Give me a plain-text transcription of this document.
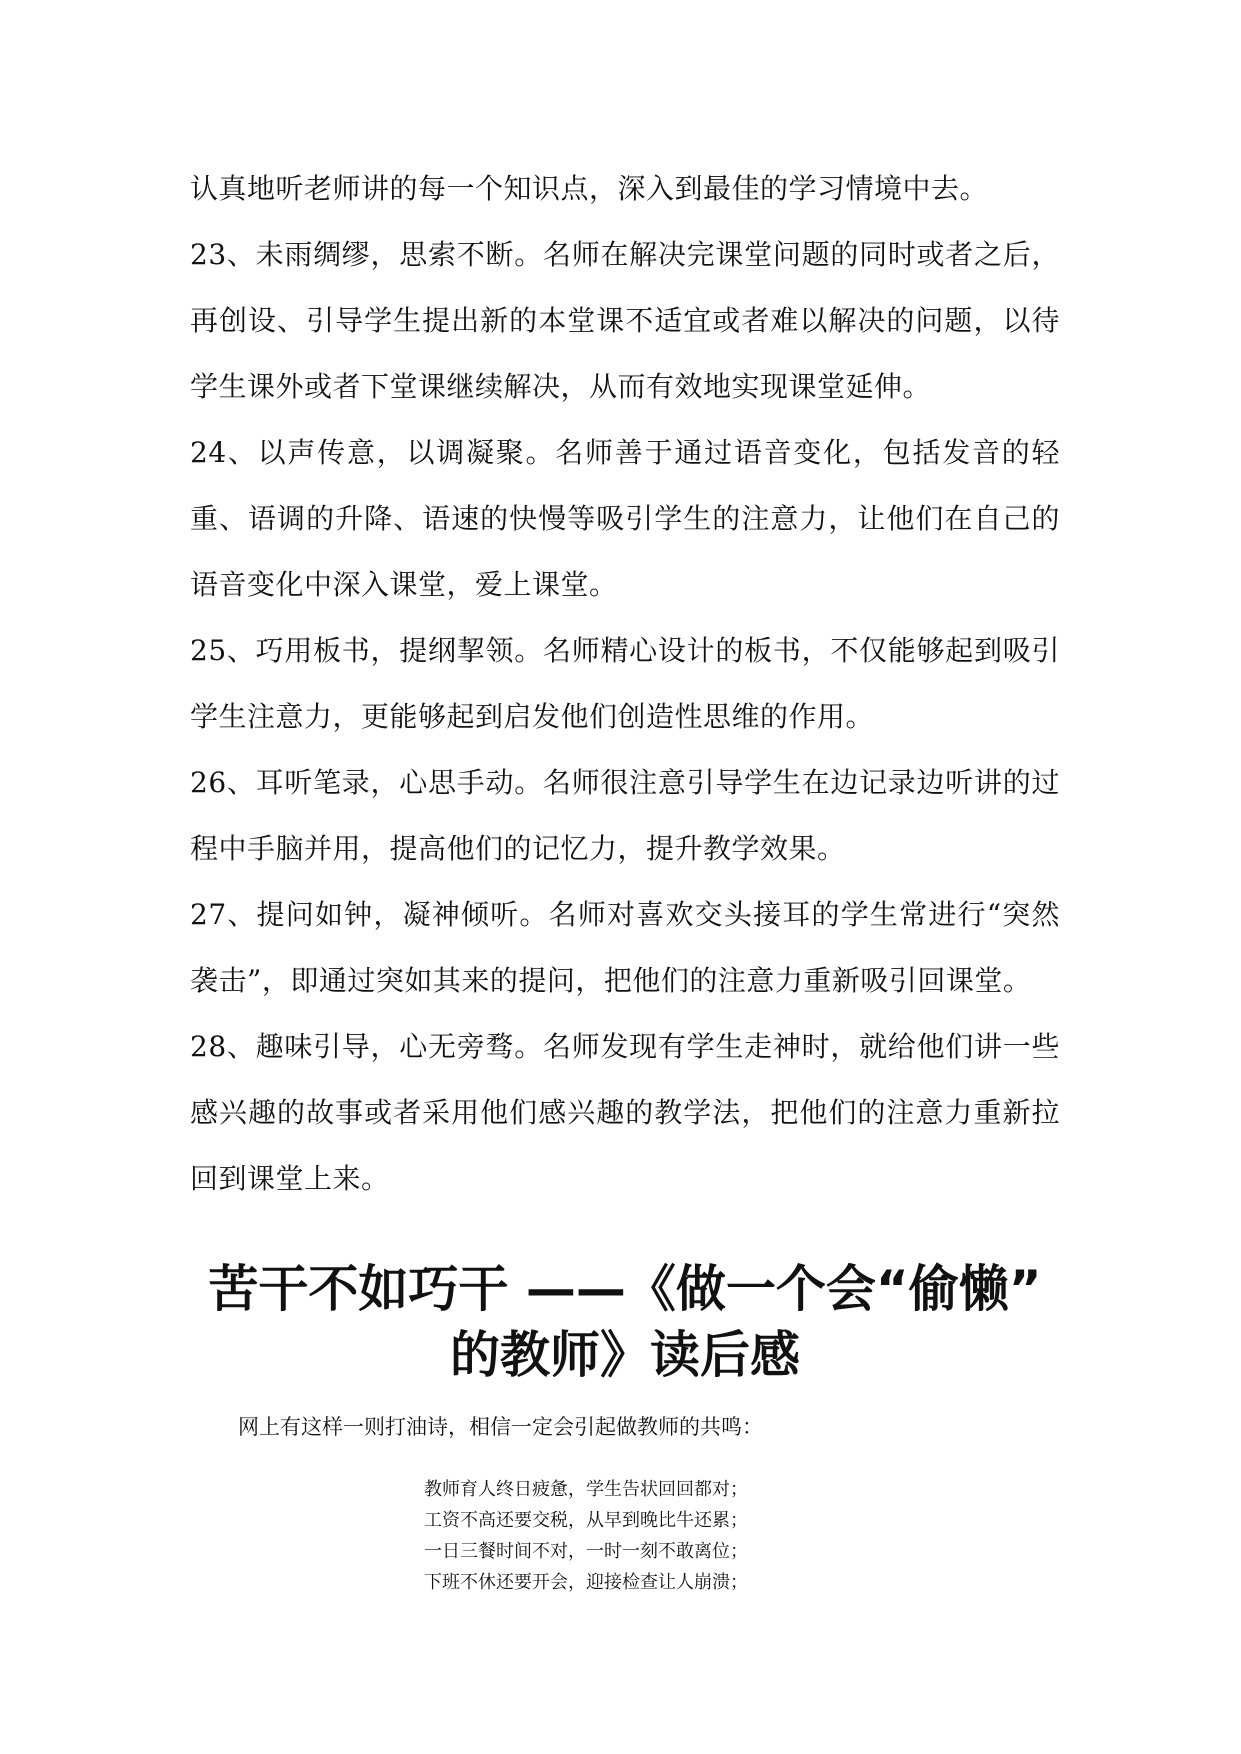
认真地听老师讲的每一个知识点，深入到最佳的学习情境中去。

23、未雨绸缪，思索不断。名师在解决完课堂问题的同时或者之后，再创设、引导学生提出新的本堂课不适宜或者难以解决的问题，以待学生课外或者下堂课继续解决，从而有效地实现课堂延伸。

24、以声传意，以调凝聚。名师善于通过语音变化，包括发音的轻重、语调的升降、语速的快慢等吸引学生的注意力，让他们在自己的语音变化中深入课堂，爱上课堂。

25、巧用板书，提纲挈领。名师精心设计的板书，不仅能够起到吸引学生注意力，更能够起到启发他们创造性思维的作用。

26、耳听笔录，心思手动。名师很注意引导学生在边记录边听讲的过程中手脑并用，提高他们的记忆力，提升教学效果。

27、提问如钟，凝神倾听。名师对喜欢交头接耳的学生常进行“突然袭击”，即通过突如其来的提问，把他们的注意力重新吸引回课堂。

28、趣味引导，心无旁骛。名师发现有学生走神时，就给他们讲一些感兴趣的故事或者采用他们感兴趣的教学法，把他们的注意力重新拉回到课堂上来。

苦干不如巧干 ——《做一个会“偷懒”
的教师》读后感

网上有这样一则打油诗，相信一定会引起做教师的共鸣：

教师育人终日疲惫，学生告状回回都对；
工资不高还要交税，从早到晚比牛还累；
一日三餐时间不对，一时一刻不敢离位；
下班不休还要开会，迎接检查让人崩溃；
